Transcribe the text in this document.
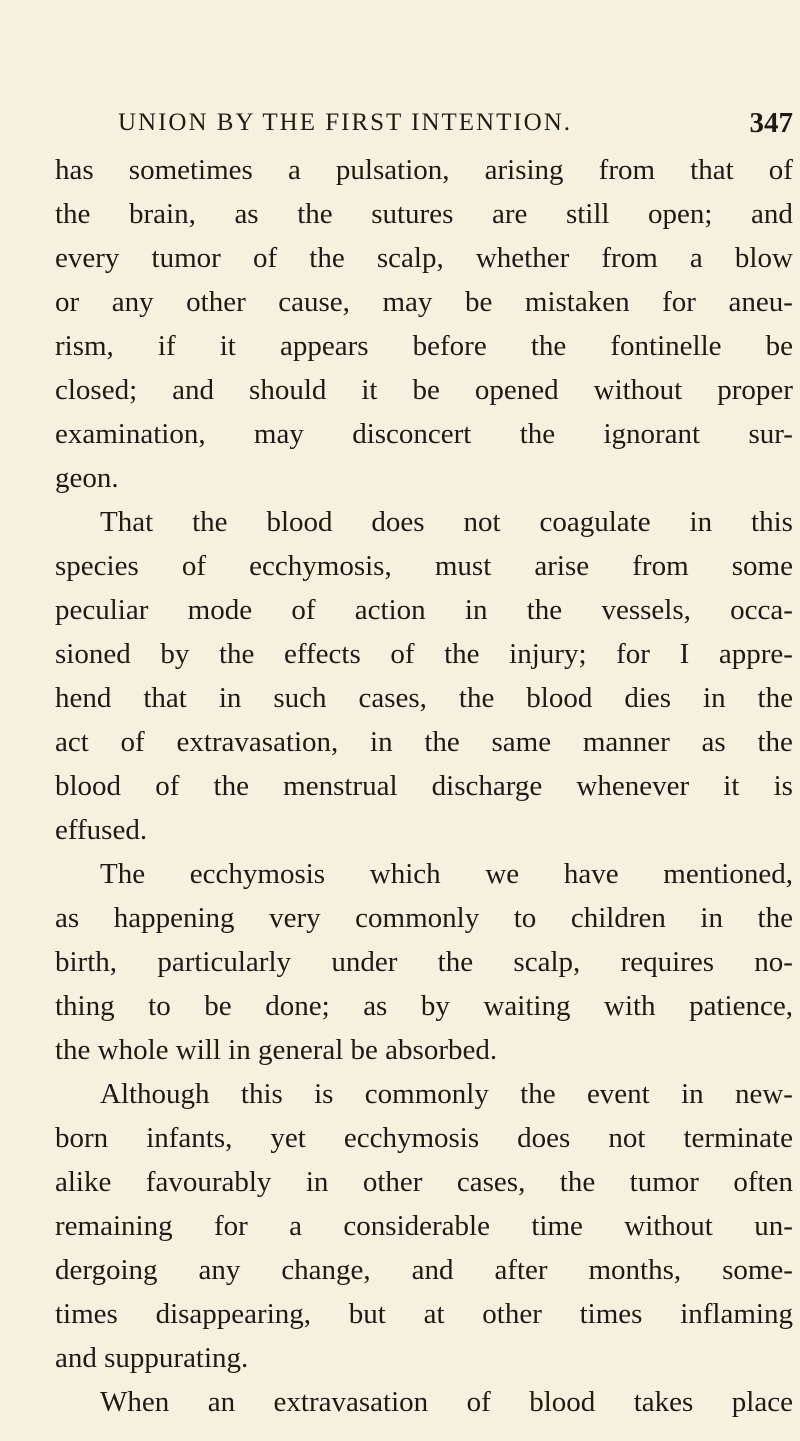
UNION BY THE FIRST INTENTION.	347
has sometimes a pulsation, arising from that of
the brain, as the sutures are still open; and
every tumor of the scalp, whether from a blow
or any other cause, may be mistaken for aneu-
rism, if it appears before the fontinelle be
closed; and should it be opened without proper
examination, may disconcert the ignorant sur-
geon.
That the blood does not coagulate in this
species of ecchymosis, must arise from some
peculiar mode of action in the vessels, occa-
sioned by the effects of the injury; for I appre-
hend that in such cases, the blood dies in the
act of extravasation, in the same manner as the
blood of the menstrual discharge whenever it is
effused.
The ecchymosis which we have mentioned,
as happening very commonly to children in the
birth, particularly under the scalp, requires no-
thing to be done; as by waiting with patience,
the whole will in general be absorbed.
Although this is commonly the event in new-
born infants, yet ecchymosis does not terminate
alike favourably in other cases, the tumor often
remaining for a considerable time without un-
dergoing any change, and after months, some-
times disappearing, but at other times inflaming
and suppurating.
When an extravasation of blood takes place
